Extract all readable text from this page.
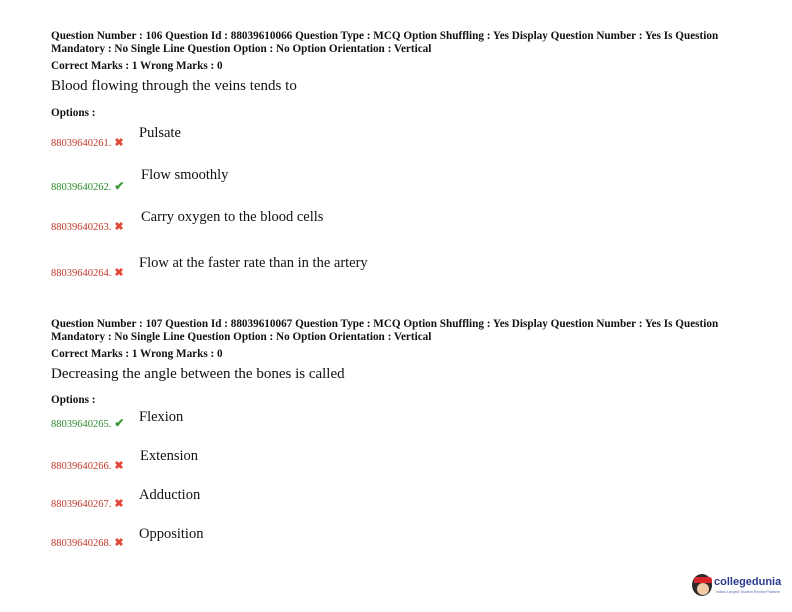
Question Number : 106 Question Id : 88039610066 Question Type : MCQ Option Shuffling : Yes Display Question Number : Yes Is Question Mandatory : No Single Line Question Option : No Option Orientation : Vertical
Correct Marks : 1 Wrong Marks : 0
Blood flowing through the veins tends to
Options :
88039640261. ✖
Pulsate
88039640262. ✔
Flow smoothly
88039640263. ✖
Carry oxygen to the blood cells
88039640264. ✖
Flow at the faster rate than in the artery
Question Number : 107 Question Id : 88039610067 Question Type : MCQ Option Shuffling : Yes Display Question Number : Yes Is Question Mandatory : No Single Line Question Option : No Option Orientation : Vertical
Correct Marks : 1 Wrong Marks : 0
Decreasing the angle between the bones is called
Options :
88039640265. ✔ Flexion
88039640266. ✖
Extension
88039640267. ✖
Adduction
88039640268. ✖
Opposition
collegedunia
India's Largest Student Review Platform
